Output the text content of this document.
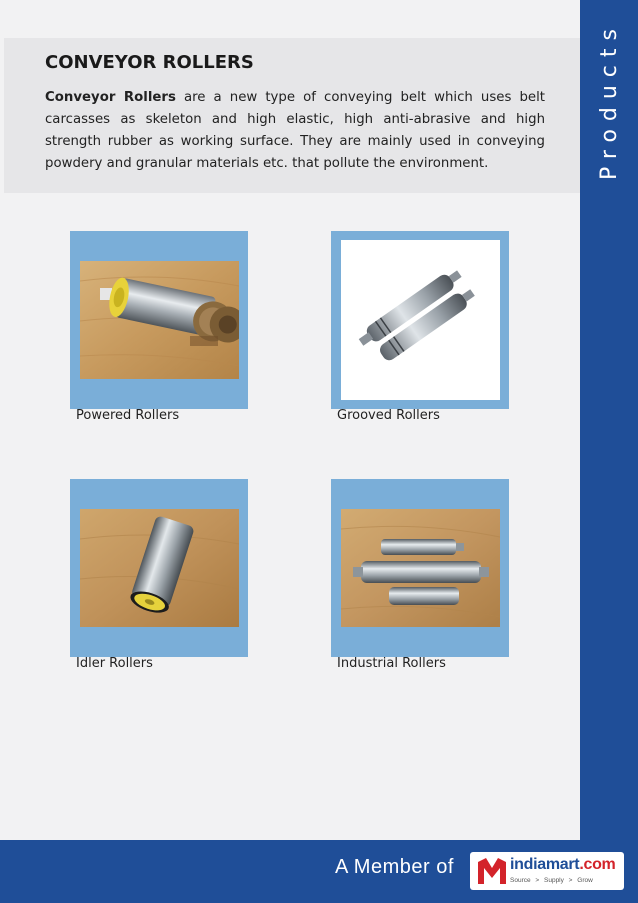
Products
CONVEYOR ROLLERS

Conveyor Rollers are a new type of conveying belt which uses belt carcasses as skeleton and high elastic, high anti-abrasive and high strength rubber as working surface. They are mainly used in conveying powdery and granular materials etc. that pollute the environment.

Powered Rollers	Grooved Rollers
Idler Rollers	Industrial Rollers
A Member of	indiamart.com
Source > Supply > Grow
